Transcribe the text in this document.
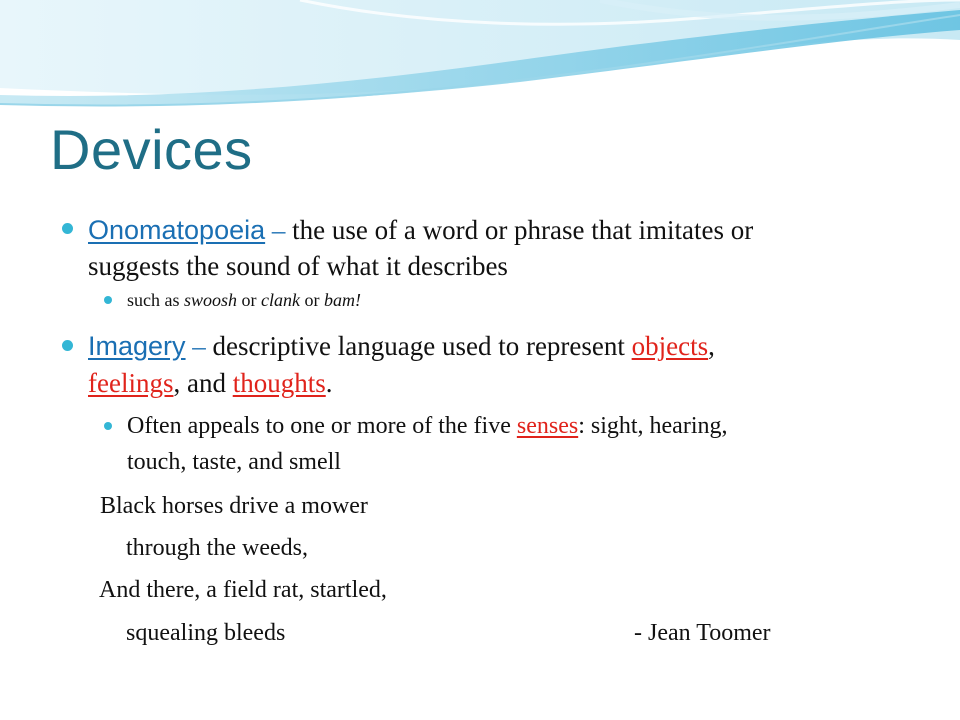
Devices
Onomatopoeia – the use of a word or phrase that imitates or
suggests the sound of what it describes
such as swoosh or clank or bam!
Imagery – descriptive language used to represent objects,
feelings, and thoughts.
Often appeals to one or more of the five senses: sight, hearing,
touch, taste, and smell
Black horses drive a mower
through the weeds,
And there, a field rat, startled,
squealing bleeds	- Jean Toomer
